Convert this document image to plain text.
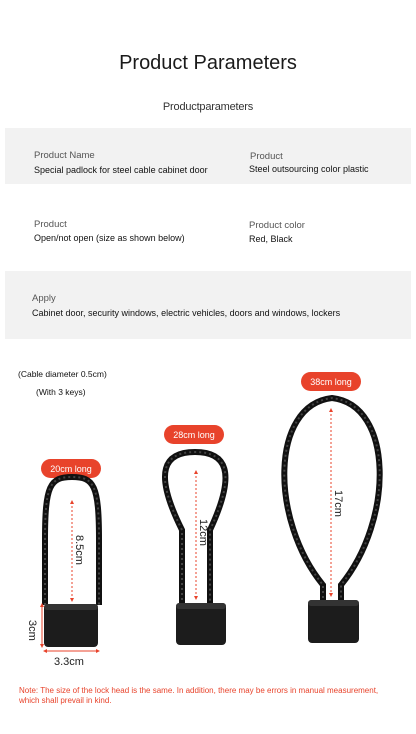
Product Parameters
Productparameters
Product Name
Special padlock for steel cable cabinet door
Product
Steel outsourcing color plastic
Product
Open/not open (size as shown below)
Product color
Red, Black
Apply
Cabinet door, security windows, electric vehicles, doors and windows, lockers
(Cable diameter 0.5cm)
(With 3 keys)
20cm long
28cm long
38cm long
8.5cm
3cm
3.3cm
12cm
17cm
Note: The size of the lock head is the same. In addition, there may be errors in manual measurement, which shall prevail in kind.
